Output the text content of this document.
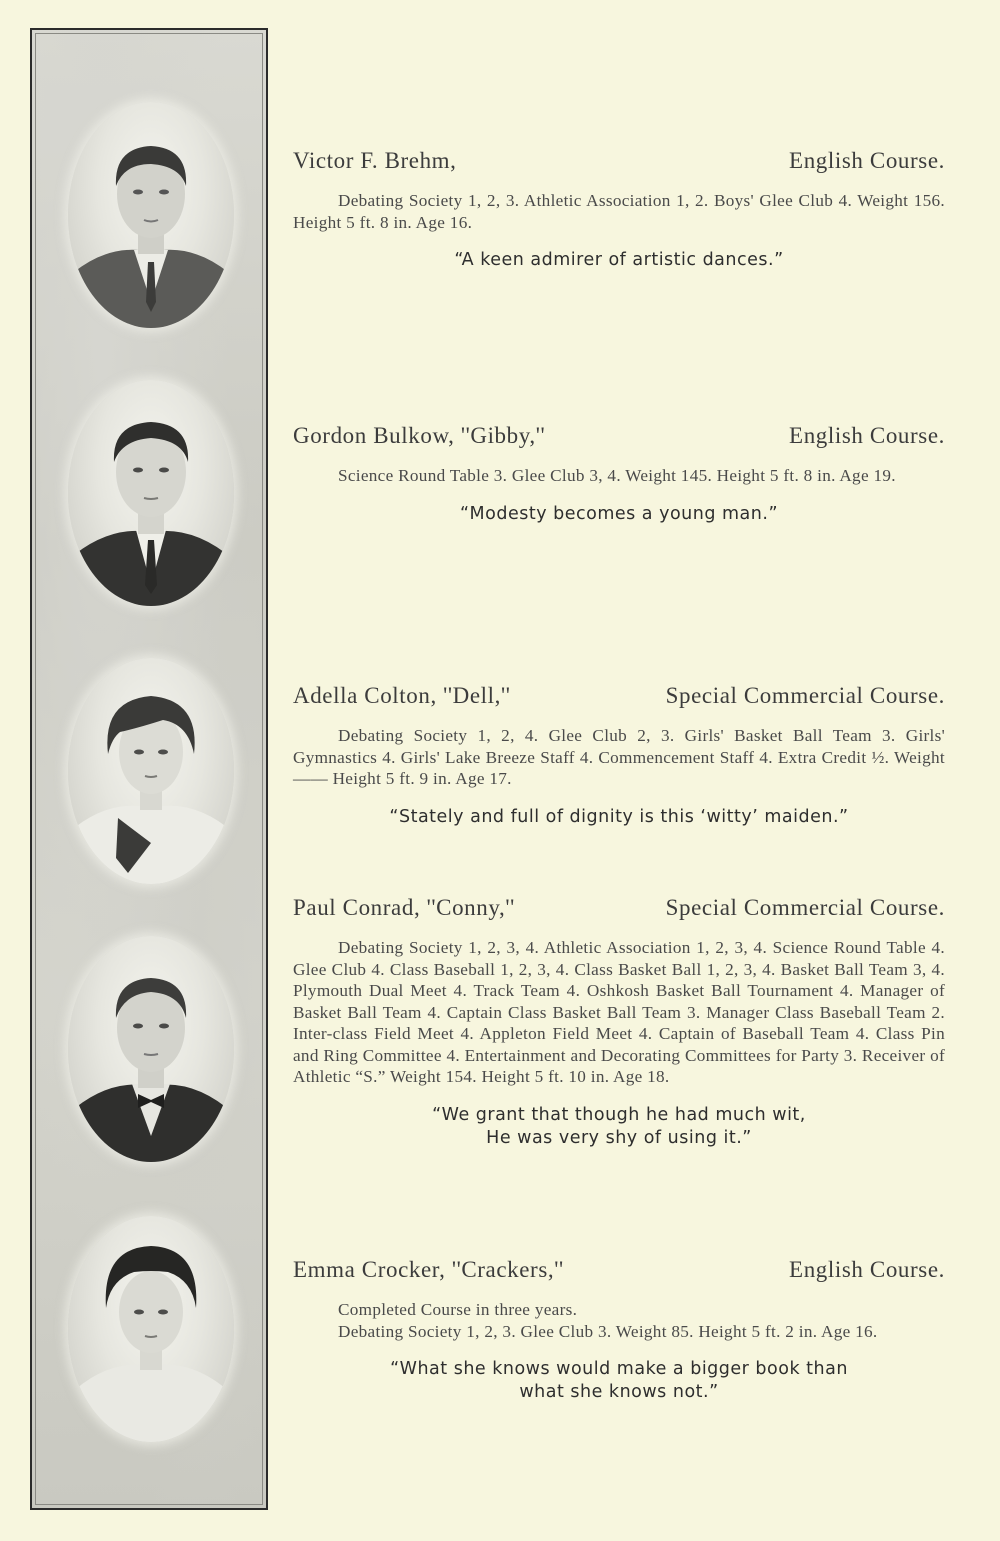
Victor F. Brehm,	English Course.

Debating Society 1, 2, 3. Athletic Association 1, 2. Boys' Glee Club 4. Weight 156. Height 5 ft. 8 in. Age 16.

“A keen admirer of artistic dances.”
Gordon Bulkow, ''Gibby,''	English Course.

Science Round Table 3. Glee Club 3, 4. Weight 145. Height 5 ft. 8 in. Age 19.

“Modesty becomes a young man.”
Adella Colton, ''Dell,''	Special Commercial Course.

Debating Society 1, 2, 4. Glee Club 2, 3. Girls' Basket Ball Team 3. Girls' Gymnastics 4. Girls' Lake Breeze Staff 4. Commencement Staff 4. Extra Credit ½. Weight —— Height 5 ft. 9 in. Age 17.

“Stately and full of dignity is this ‘witty’ maiden.”
Paul Conrad, ''Conny,''	Special Commercial Course.

Debating Society 1, 2, 3, 4. Athletic Association 1, 2, 3, 4. Science Round Table 4. Glee Club 4. Class Baseball 1, 2, 3, 4. Class Basket Ball 1, 2, 3, 4. Basket Ball Team 3, 4. Plymouth Dual Meet 4. Track Team 4. Oshkosh Basket Ball Tournament 4. Manager of Basket Ball Team 4. Captain Class Basket Ball Team 3. Manager Class Baseball Team 2. Inter-class Field Meet 4. Appleton Field Meet 4. Captain of Baseball Team 4. Class Pin and Ring Committee 4. Entertainment and Decorating Committees for Party 3. Receiver of Athletic “S.” Weight 154. Height 5 ft. 10 in. Age 18.

“We grant that though he had much wit,
He was very shy of using it.”
Emma Crocker, ''Crackers,''	English Course.

Completed Course in three years.

Debating Society 1, 2, 3. Glee Club 3. Weight 85. Height 5 ft. 2 in. Age 16.

“What she knows would make a bigger book than
what she knows not.”
